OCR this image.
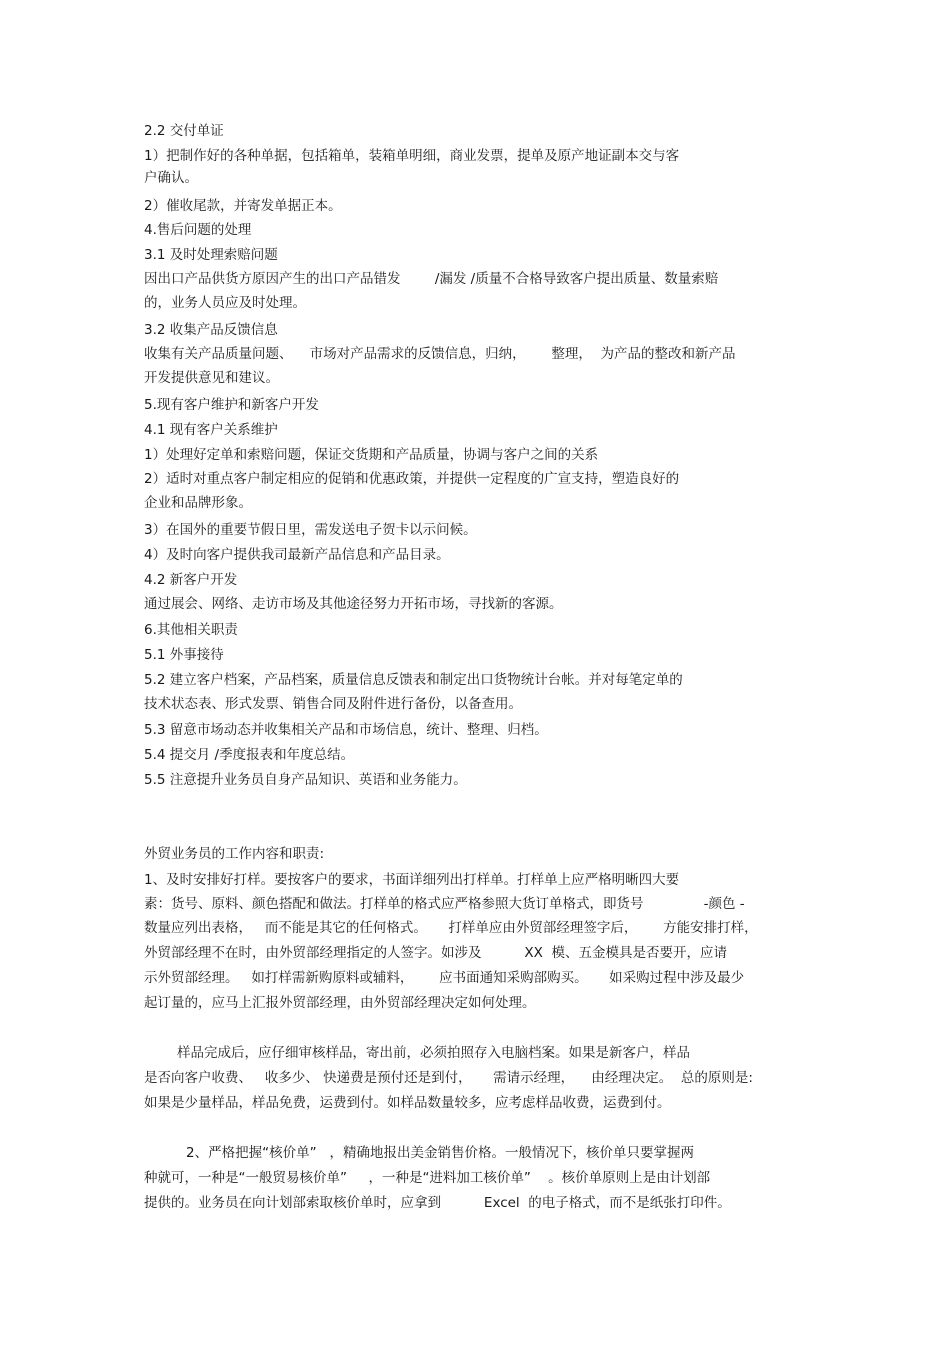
2.2 交付单证
1）把制作好的各种单据，包括箱单，装箱单明细，商业发票，提单及原产地证副本交与客
户确认。
2）催收尾款，并寄发单据正本。
4.售后问题的处理
3.1 及时处理索赔问题
因出口产品供货方原因产生的出口产品错发        /漏发 /质量不合格导致客户提出质量、数量索赔
的，业务人员应及时处理。
3.2 收集产品反馈信息
收集有关产品质量问题、    市场对产品需求的反馈信息，归纳，      整理，  为产品的整改和新产品
开发提供意见和建议。
5.现有客户维护和新客户开发
4.1 现有客户关系维护
1）处理好定单和索赔问题，保证交货期和产品质量，协调与客户之间的关系
2）适时对重点客户制定相应的促销和优惠政策，并提供一定程度的广宣支持，塑造良好的
企业和品牌形象。
3）在国外的重要节假日里，需发送电子贺卡以示问候。
4）及时向客户提供我司最新产品信息和产品目录。
4.2 新客户开发
通过展会、网络、走访市场及其他途径努力开拓市场，寻找新的客源。
6.其他相关职责
5.1 外事接待
5.2 建立客户档案，产品档案，质量信息反馈表和制定出口货物统计台帐。并对每笔定单的
技术状态表、形式发票、销售合同及附件进行备份，以备查用。
5.3 留意市场动态并收集相关产品和市场信息，统计、整理、归档。
5.4 提交月 /季度报表和年度总结。
5.5 注意提升业务员自身产品知识、英语和业务能力。
外贸业务员的工作内容和职责:
1、及时安排好打样。要按客户的要求，书面详细列出打样单。打样单上应严格明晰四大要
素：货号、原料、颜色搭配和做法。打样单的格式应严格参照大货订单格式，即货号              -颜色 -
数量应列出表格，   而不能是其它的任何格式。     打样单应由外贸部经理签字后，      方能安排打样，
外贸部经理不在时，由外贸部经理指定的人签字。如涉及          XX  模、五金模具是否要开，应请
示外贸部经理。   如打样需新购原料或辅料，      应书面通知采购部购买。     如采购过程中涉及最少
起订量的，应马上汇报外贸部经理，由外贸部经理决定如何处理。
样品完成后，应仔细审核样品，寄出前，必须拍照存入电脑档案。如果是新客户，样品
是否向客户收费、   收多少、 快递费是预付还是到付，     需请示经理，    由经理决定。  总的原则是:
如果是少量样品，样品免费，运费到付。如样品数量较多，应考虑样品收费，运费到付。
2、严格把握“核价单”   ，精确地报出美金销售价格。一般情况下，核价单只要掌握两
种就可，一种是“一般贸易核价单”     ，一种是“进料加工核价单”    。核价单原则上是由计划部
提供的。业务员在向计划部索取核价单时，应拿到          Excel  的电子格式，而不是纸张打印件。
